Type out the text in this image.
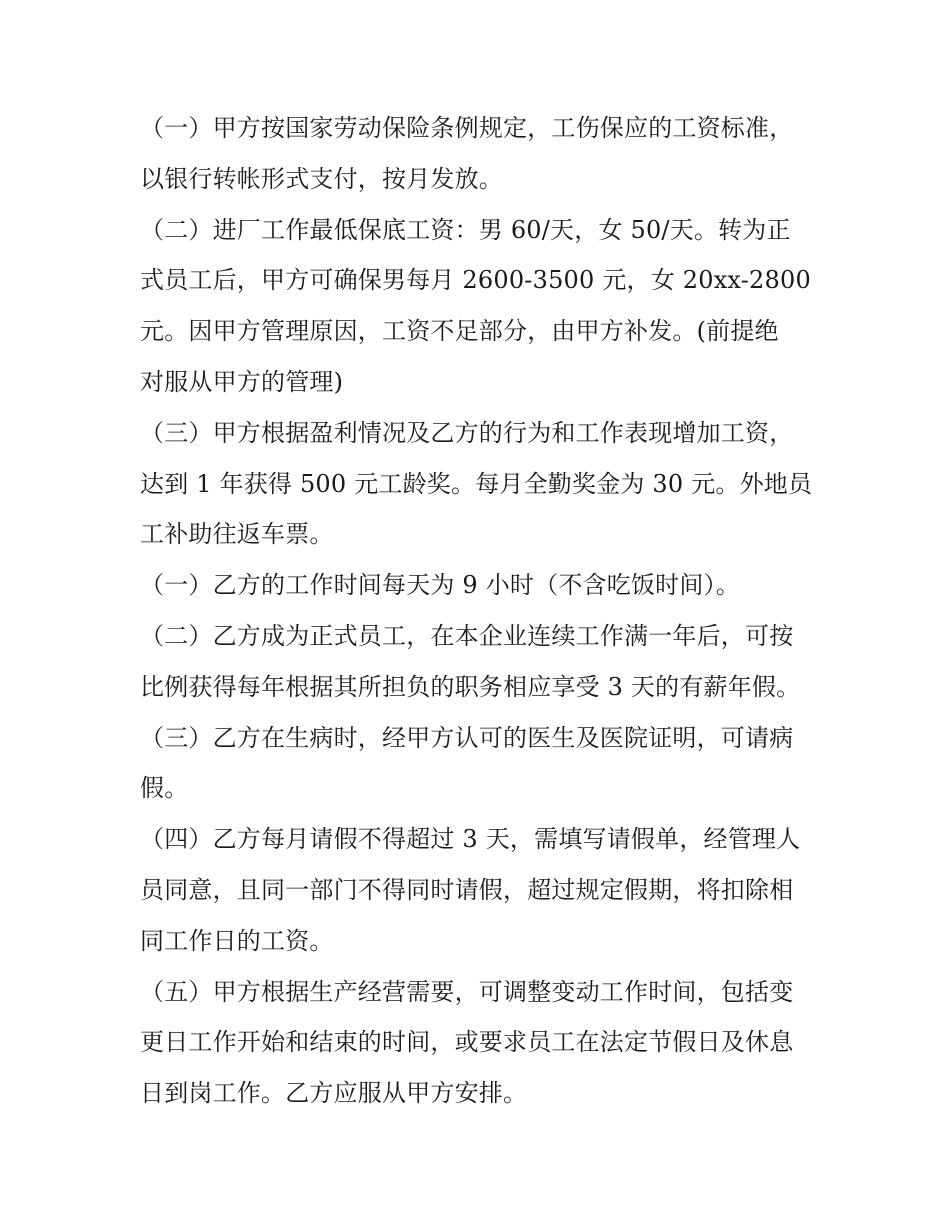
（一）甲方按国家劳动保险条例规定，工伤保应的工资标准，
以银行转帐形式支付，按月发放。
（二）进厂工作最低保底工资：男 60/天，女 50/天。转为正
式员工后，甲方可确保男每月 2600-3500 元，女 20xx-2800
元。因甲方管理原因，工资不足部分，由甲方补发。(前提绝
对服从甲方的管理)
（三）甲方根据盈利情况及乙方的行为和工作表现增加工资，
达到 1 年获得 500 元工龄奖。每月全勤奖金为 30 元。外地员
工补助往返车票。
（一）乙方的工作时间每天为 9 小时（不含吃饭时间）。
（二）乙方成为正式员工，在本企业连续工作满一年后，可按
比例获得每年根据其所担负的职务相应享受 3 天的有薪年假。
（三）乙方在生病时，经甲方认可的医生及医院证明，可请病
假。
（四）乙方每月请假不得超过 3 天，需填写请假单，经管理人
员同意，且同一部门不得同时请假，超过规定假期，将扣除相
同工作日的工资。
（五）甲方根据生产经营需要，可调整变动工作时间，包括变
更日工作开始和结束的时间，或要求员工在法定节假日及休息
日到岗工作。乙方应服从甲方安排。
